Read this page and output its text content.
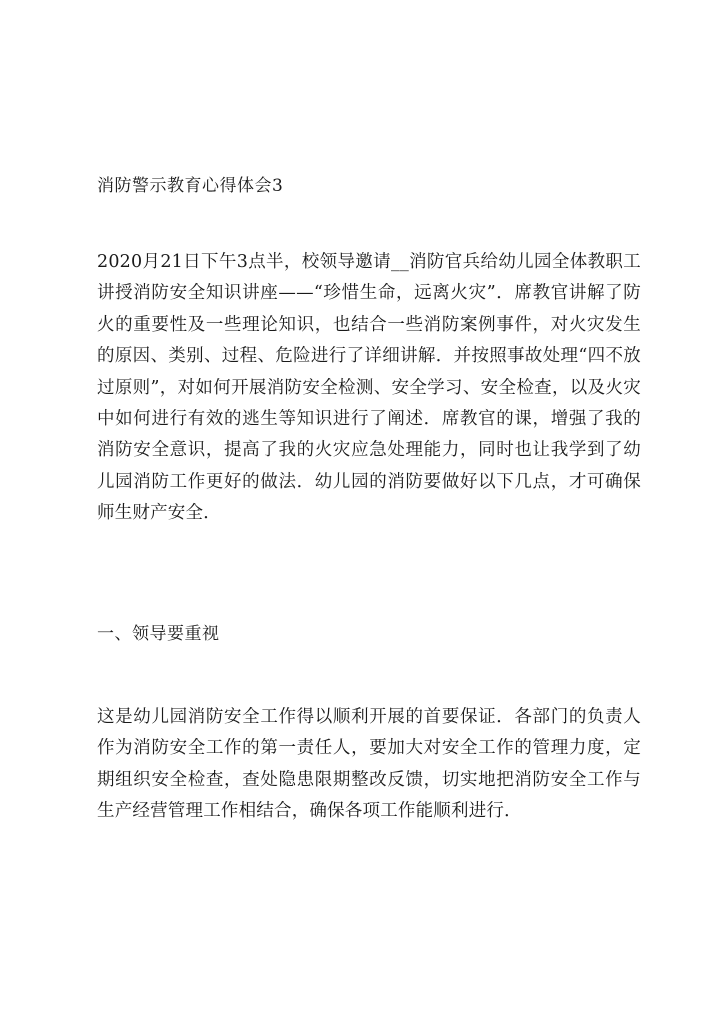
消防警示教育心得体会3

2020月21日下午3点半，校领导邀请__消防官兵给幼儿园全体教职工讲授消防安全知识讲座——“珍惜生命，远离火灾”．席教官讲解了防火的重要性及一些理论知识，也结合一些消防案例事件，对火灾发生的原因、类别、过程、危险进行了详细讲解．并按照事故处理“四不放过原则”，对如何开展消防安全检测、安全学习、安全检查，以及火灾中如何进行有效的逃生等知识进行了阐述．席教官的课，增强了我的消防安全意识，提高了我的火灾应急处理能力，同时也让我学到了幼儿园消防工作更好的做法．幼儿园的消防要做好以下几点，才可确保师生财产安全．

一、领导要重视

这是幼儿园消防安全工作得以顺利开展的首要保证．各部门的负责人作为消防安全工作的第一责任人，要加大对安全工作的管理力度，定期组织安全检查，查处隐患限期整改反馈，切实地把消防安全工作与生产经营管理工作相结合，确保各项工作能顺利进行．
